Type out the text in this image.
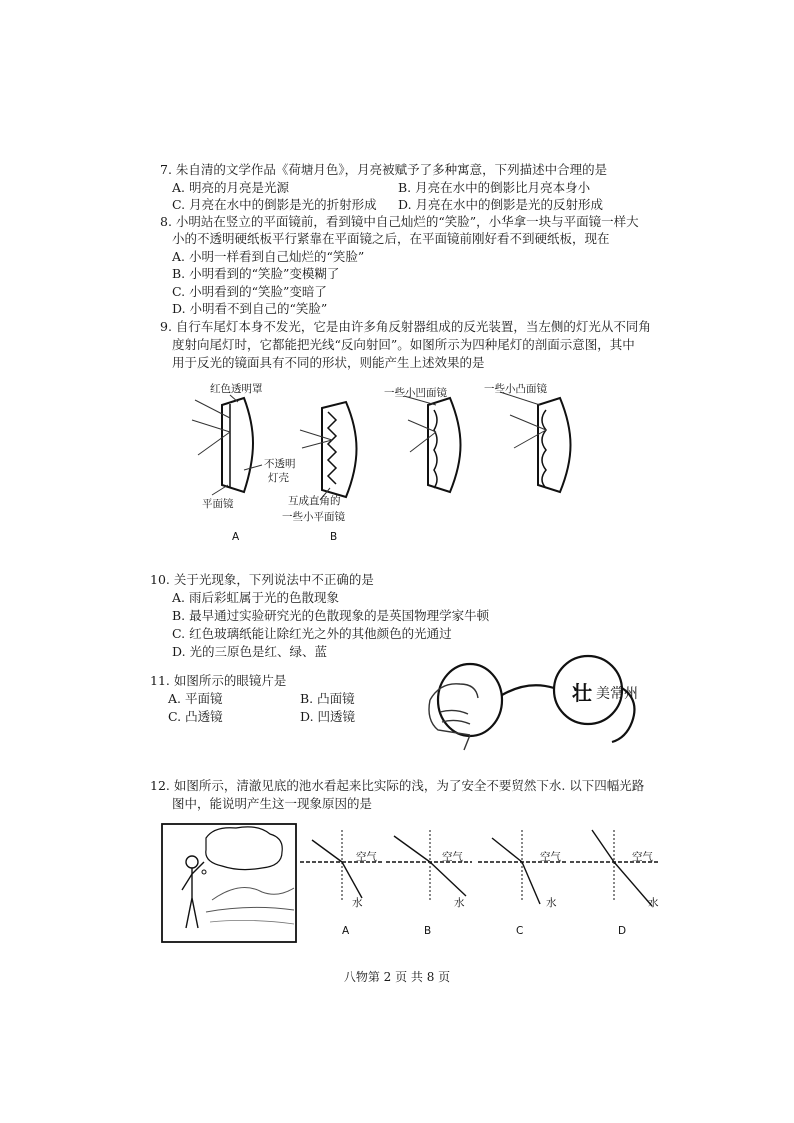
7. 朱自清的文学作品《荷塘月色》，月亮被赋予了多种寓意，下列描述中合理的是
A. 明亮的月亮是光源	B. 月亮在水中的倒影比月亮本身小
C. 月亮在水中的倒影是光的折射形成 D. 月亮在水中的倒影是光的反射形成
8. 小明站在竖立的平面镜前，看到镜中自己灿烂的“笑脸”，小华拿一块与平面镜一样大
小的不透明硬纸板平行紧靠在平面镜之后，在平面镜前刚好看不到硬纸板，现在
A. 小明一样看到自己灿烂的“笑脸”
B. 小明看到的“笑脸”变模糊了
C. 小明看到的“笑脸”变暗了
D. 小明看不到自己的“笑脸”
9. 自行车尾灯本身不发光，它是由许多角反射器组成的反光装置，当左侧的灯光从不同角
度射向尾灯时，它都能把光线“反向射回”。如图所示为四种尾灯的剖面示意图，其中
用于反光的镜面具有不同的形状，则能产生上述效果的是
红色透明罩
不透明
灯壳
平面镜	互成直角的
一些小平面镜
一些小凹面镜	一些小凸面镜
A	B
10. 关于光现象，下列说法中不正确的是
A. 雨后彩虹属于光的色散现象
B. 最早通过实验研究光的色散现象的是英国物理学家牛顿
C. 红色玻璃纸能让除红光之外的其他颜色的光通过
D. 光的三原色是红、绿、蓝
11. 如图所示的眼镜片是
A. 平面镜	B. 凸面镜
C. 凸透镜	D. 凹透镜
壮 美常州
12. 如图所示，清澈见底的池水看起来比实际的浅，为了安全不要贸然下水. 以下四幅光路
图中，能说明产生这一现象原因的是
空气
水
空气
水
空气
水
空气
水
A	B	C	D
八物第 2 页 共 8 页
